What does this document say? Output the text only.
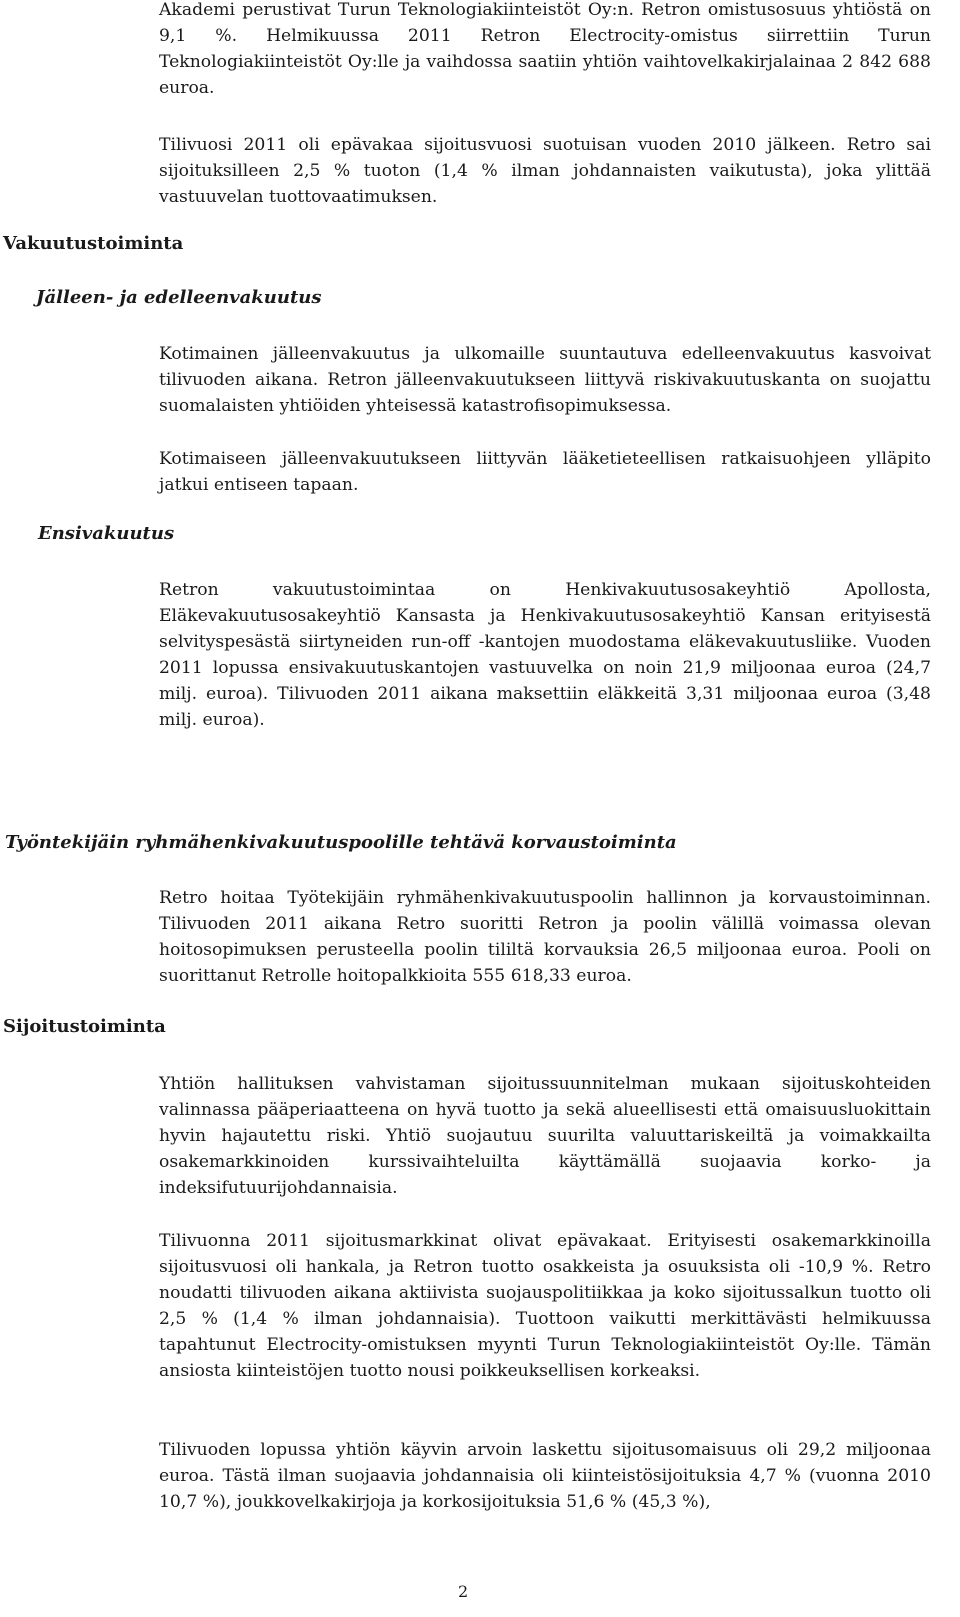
Akademi perustivat Turun Teknologiakiinteistöt Oy:n. Retron omistusosuus yhtiöstä on 9,1 %. Helmikuussa 2011 Retron Electrocity-omistus siirrettiin Turun Teknologiakiinteistöt Oy:lle ja vaihdossa saatiin yhtiön vaihtovelkakirjalainaa 2 842 688 euroa.

Tilivuosi 2011 oli epävakaa sijoitusvuosi suotuisan vuoden 2010 jälkeen. Retro sai sijoituksilleen 2,5 % tuoton (1,4 % ilman johdannaisten vaikutusta), joka ylittää vastuuvelan tuottovaatimuksen.

Vakuutustoiminta
Jälleen- ja edelleenvakuutus

Kotimainen jälleenvakuutus ja ulkomaille suuntautuva edelleenvakuutus kasvoivat tilivuoden aikana. Retron jälleenvakuutukseen liittyvä riskivakuutuskanta on suojattu suomalaisten yhtiöiden yhteisessä katastrofisopimuksessa.

Kotimaiseen jälleenvakuutukseen liittyvän lääketieteellisen ratkaisuohjeen ylläpito jatkui entiseen tapaan.

Ensivakuutus

Retron vakuutustoimintaa on Henkivakuutusosakeyhtiö Apollosta, Eläkevakuutusosakeyhtiö Kansasta ja Henkivakuutusosakeyhtiö Kansan erityisestä selvityspesästä siirtyneiden run-off -kantojen muodostama eläkevakuutusliike. Vuoden 2011 lopussa ensivakuutuskantojen vastuuvelka on noin 21,9 miljoonaa euroa (24,7 milj. euroa). Tilivuoden 2011 aikana maksettiin eläkkeitä 3,31 miljoonaa euroa (3,48 milj. euroa).

Työntekijäin ryhmähenkivakuutuspoolille tehtävä korvaustoiminta

Retro hoitaa Työtekijäin ryhmähenkivakuutuspoolin hallinnon ja korvaustoiminnan. Tilivuoden 2011 aikana Retro suoritti Retron ja poolin välillä voimassa olevan hoitosopimuksen perusteella poolin tililtä korvauksia 26,5 miljoonaa euroa. Pooli on suorittanut Retrolle hoitopalkkioita 555 618,33 euroa.

Sijoitustoiminta

Yhtiön hallituksen vahvistaman sijoitussuunnitelman mukaan sijoituskohteiden valinnassa pääperiaatteena on hyvä tuotto ja sekä alueellisesti että omaisuusluokittain hyvin hajautettu riski. Yhtiö suojautuu suurilta valuuttariskeiltä ja voimakkailta osakemarkkinoiden kurssivaihteluilta käyttämällä suojaavia korko- ja indeksifutuurijohdannaisia.

Tilivuonna 2011 sijoitusmarkkinat olivat epävakaat. Erityisesti osakemarkkinoilla sijoitusvuosi oli hankala, ja Retron tuotto osakkeista ja osuuksista oli -10,9 %. Retro noudatti tilivuoden aikana aktiivista suojauspolitiikkaa ja koko sijoitussalkun tuotto oli 2,5 % (1,4 % ilman johdannaisia). Tuottoon vaikutti merkittävästi helmikuussa tapahtunut Electrocity-omistuksen myynti Turun Teknologiakiinteistöt Oy:lle. Tämän ansiosta kiinteistöjen tuotto nousi poikkeuksellisen korkeaksi.

Tilivuoden lopussa yhtiön käyvin arvoin laskettu sijoitusomaisuus oli 29,2 miljoonaa euroa. Tästä ilman suojaavia johdannaisia oli kiinteistösijoituksia 4,7 % (vuonna 2010 10,7 %), joukkovelkakirjoja ja korkosijoituksia 51,6 % (45,3 %),

2
